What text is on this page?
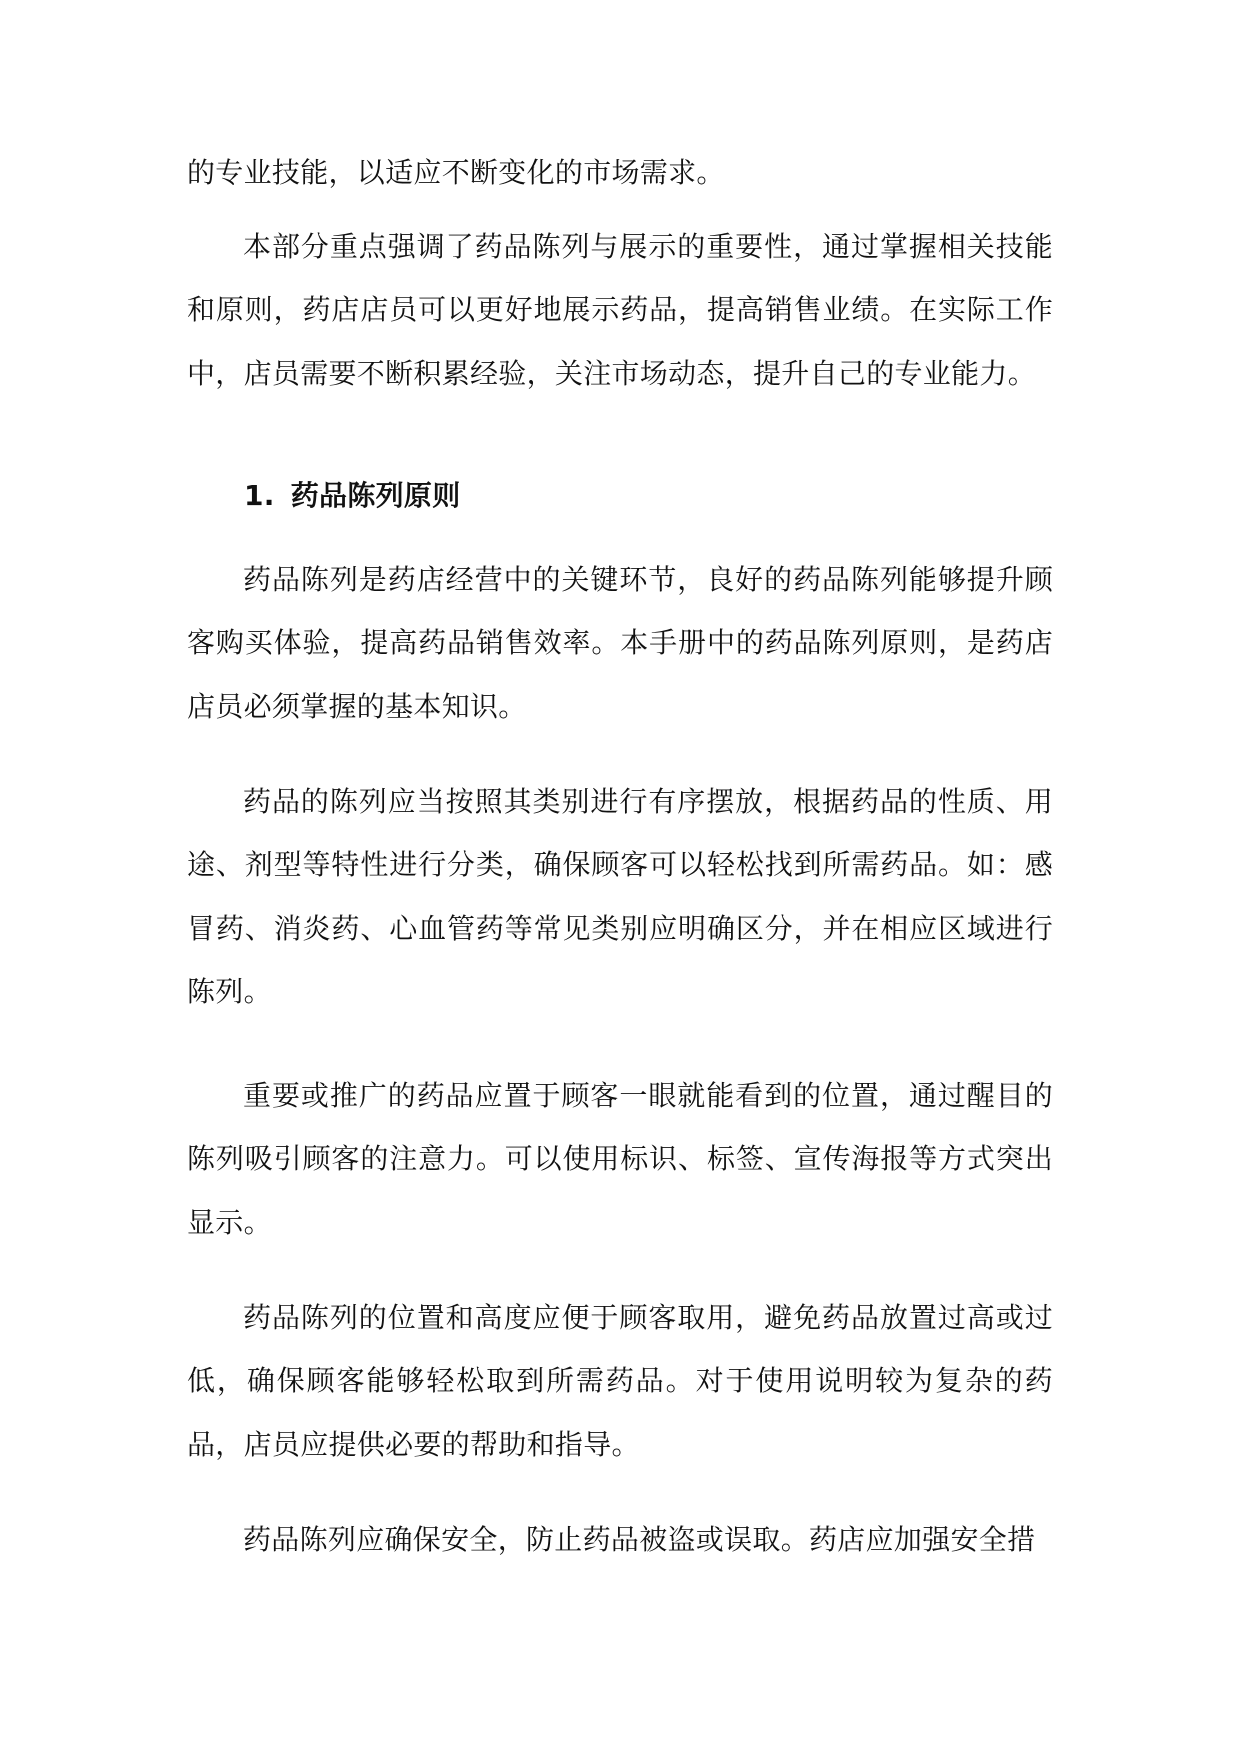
的专业技能，以适应不断变化的市场需求。

本部分重点强调了药品陈列与展示的重要性，通过掌握相关技能和原则，药店店员可以更好地展示药品，提高销售业绩。在实际工作中，店员需要不断积累经验，关注市场动态，提升自己的专业能力。

1. 药品陈列原则

药品陈列是药店经营中的关键环节，良好的药品陈列能够提升顾客购买体验，提高药品销售效率。本手册中的药品陈列原则，是药店店员必须掌握的基本知识。

药品的陈列应当按照其类别进行有序摆放，根据药品的性质、用途、剂型等特性进行分类，确保顾客可以轻松找到所需药品。如：感冒药、消炎药、心血管药等常见类别应明确区分，并在相应区域进行陈列。

重要或推广的药品应置于顾客一眼就能看到的位置，通过醒目的陈列吸引顾客的注意力。可以使用标识、标签、宣传海报等方式突出显示。

药品陈列的位置和高度应便于顾客取用，避免药品放置过高或过低，确保顾客能够轻松取到所需药品。对于使用说明较为复杂的药品，店员应提供必要的帮助和指导。

药品陈列应确保安全，防止药品被盗或误取。药店应加强安全措
